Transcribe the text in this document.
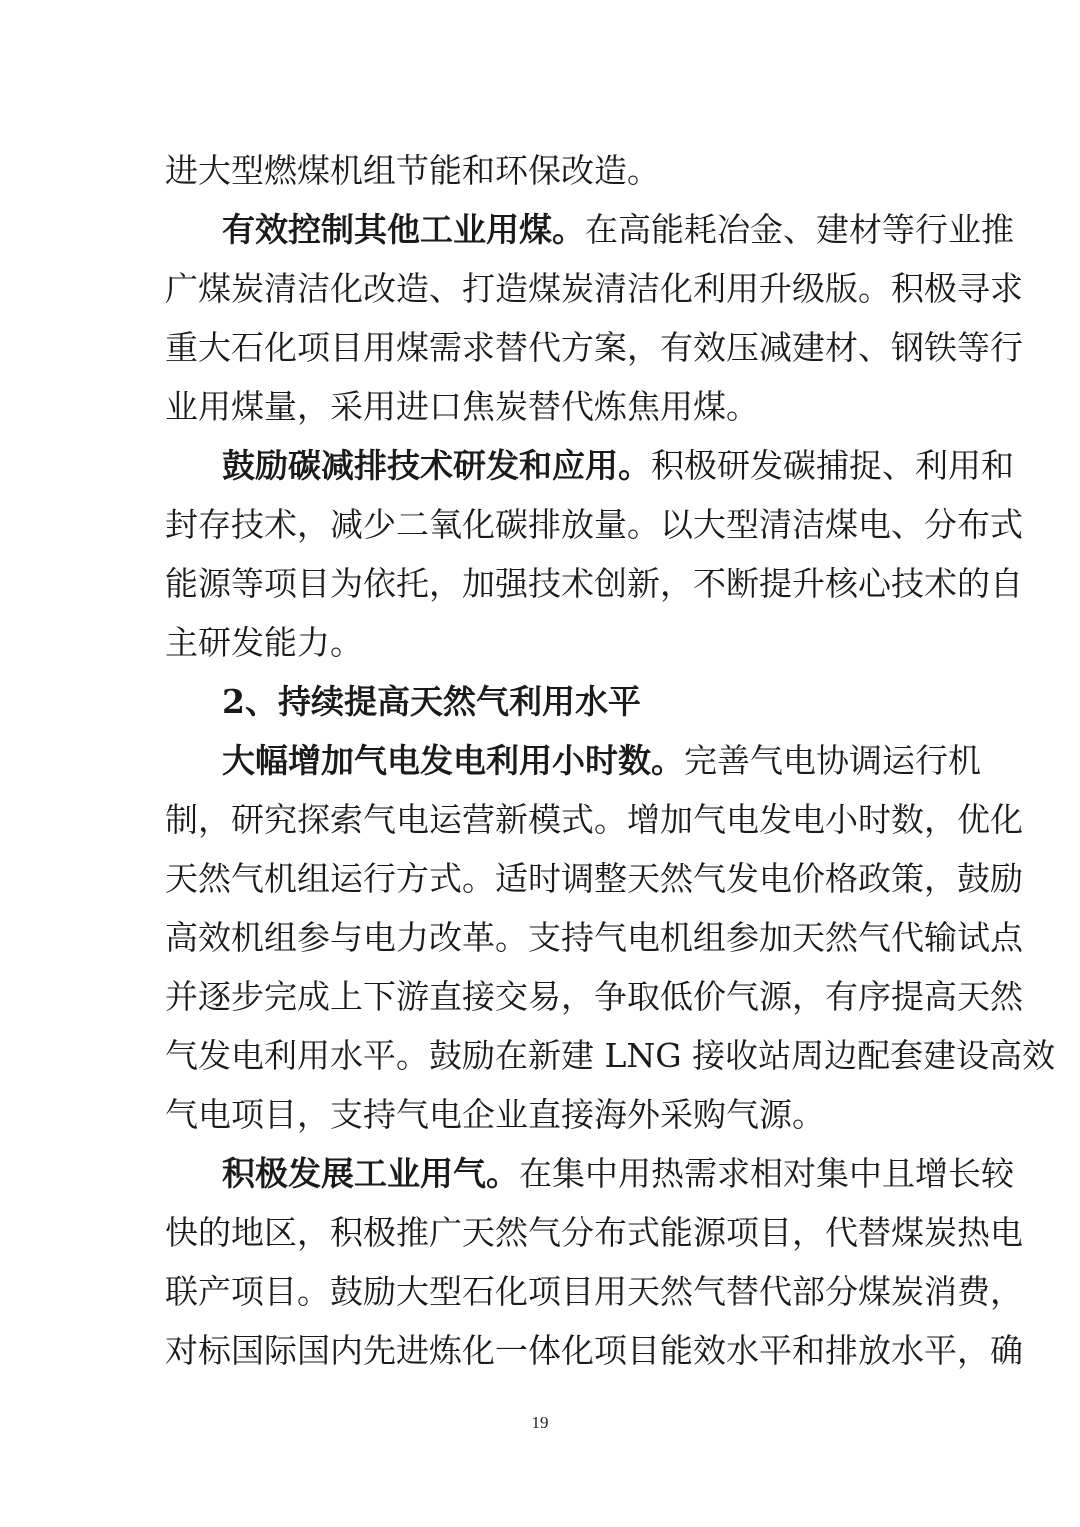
进大型燃煤机组节能和环保改造。
有效控制其他工业用煤。在高能耗冶金、建材等行业推
广煤炭清洁化改造、打造煤炭清洁化利用升级版。积极寻求
重大石化项目用煤需求替代方案，有效压减建材、钢铁等行
业用煤量，采用进口焦炭替代炼焦用煤。
鼓励碳减排技术研发和应用。积极研发碳捕捉、利用和
封存技术，减少二氧化碳排放量。以大型清洁煤电、分布式
能源等项目为依托，加强技术创新，不断提升核心技术的自
主研发能力。
2、持续提高天然气利用水平
大幅增加气电发电利用小时数。完善气电协调运行机
制，研究探索气电运营新模式。增加气电发电小时数，优化
天然气机组运行方式。适时调整天然气发电价格政策，鼓励
高效机组参与电力改革。支持气电机组参加天然气代输试点
并逐步完成上下游直接交易，争取低价气源，有序提高天然
气发电利用水平。鼓励在新建 LNG 接收站周边配套建设高效
气电项目，支持气电企业直接海外采购气源。
积极发展工业用气。在集中用热需求相对集中且增长较
快的地区，积极推广天然气分布式能源项目，代替煤炭热电
联产项目。鼓励大型石化项目用天然气替代部分煤炭消费，
对标国际国内先进炼化一体化项目能效水平和排放水平，确
19
